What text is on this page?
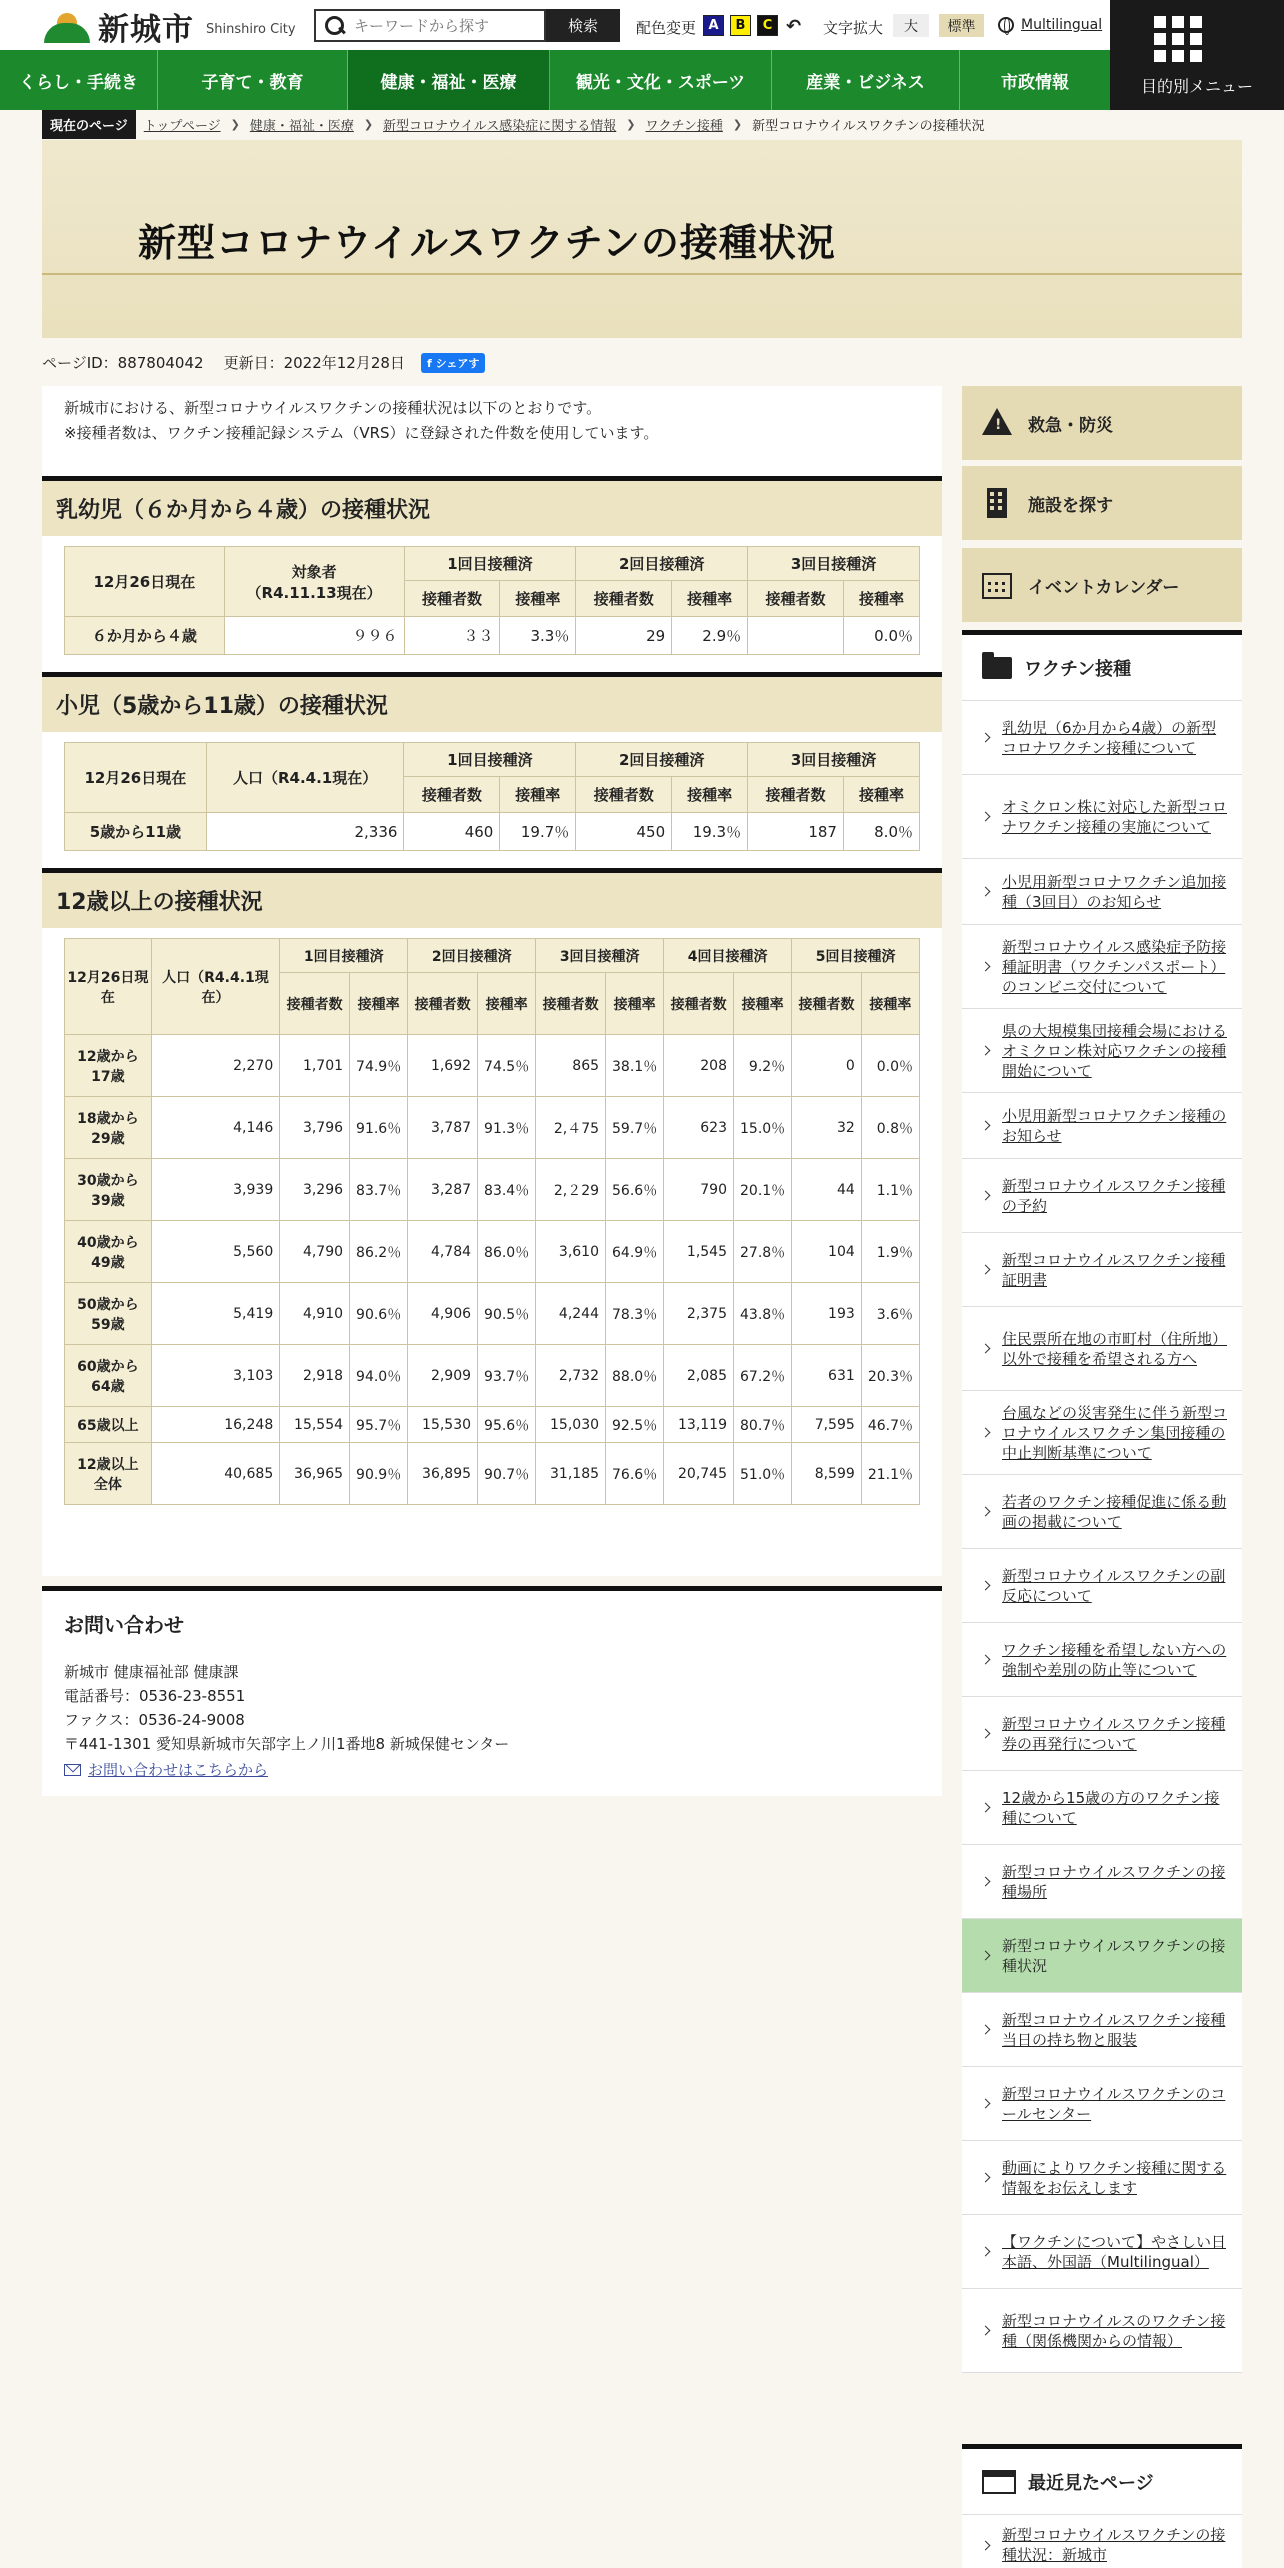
新城市 Shinshiro City
キーワードから探す	検索	配色変更 A	B	C ↶ 文字拡大	大	標準	Multilingual
目的別メニュー
くらし・手続き	子育て・教育	健康・福祉・医療	観光・文化・スポーツ	産業・ビジネス	市政情報
現在のページ	トップページ ❯ 健康・福祉・医療 ❯ 新型コロナウイルス感染症に関する情報 ❯ ワクチン接種 ❯ 新型コロナウイルスワクチンの接種状況
新型コロナウイルスワクチンの接種状況
ページID：887804042 更新日：2022年12月28日	f シェアす
新城市における、新型コロナウイルスワクチンの接種状況は以下のとおりです。
※接種者数は、ワクチン接種記録システム（VRS）に登録された件数を使用しています。
乳幼児（６か月から４歳）の接種状況
12月26日現在	対象者
（R4.11.13現在）	1回目接種済		2回目接種済		3回目接種済	
		接種者数	接種率	接種者数	接種率	接種者数	接種率
６か月から４歳	９９６	３３	3.3％	29	2.9％		0.0％
小児（5歳から11歳）の接種状況
12月26日現在	人口（R4.4.1現在）	1回目接種済		2回目接種済		3回目接種済	
		接種者数	接種率	接種者数	接種率	接種者数	接種率
5歳から11歳	2,336	460	19.7％	450	19.3％	187	8.0％
12歳以上の接種状況
12月26日現在	人口（R4.4.1現在）	1回目接種済		2回目接種済		3回目接種済		4回目接種済		5回目接種済	
		接種者数	接種率	接種者数	接種率	接種者数	接種率	接種者数	接種率	接種者数	接種率
12歳から17歳	2,270	1,701	74.9％	1,692	74.5％	865	38.1％	208	9.2％	0	0.0％
18歳から29歳	4,146	3,796	91.6％	3,787	91.3％	2,４75	59.7％	623	15.0％	32	0.8％
30歳から39歳	3,939	3,296	83.7％	3,287	83.4％	2,２29	56.6％	790	20.1％	44	1.1％
40歳から49歳	5,560	4,790	86.2％	4,784	86.0％	3,610	64.9％	1,545	27.8％	104	1.9％
50歳から59歳	5,419	4,910	90.6％	4,906	90.5％	4,244	78.3％	2,375	43.8％	193	3.6％
60歳から64歳	3,103	2,918	94.0％	2,909	93.7％	2,732	88.0％	2,085	67.2％	631	20.3％
65歳以上	16,248	15,554	95.7％	15,530	95.6％	15,030	92.5％	13,119	80.7％	7,595	46.7％
12歳以上全体	40,685	36,965	90.9％	36,895	90.7％	31,185	76.6％	20,745	51.0％	8,599	21.1％
お問い合わせ
新城市 健康福祉部 健康課
電話番号：0536-23-8551
ファクス：0536-24-9008
〒441-1301 愛知県新城市矢部字上ノ川1番地8 新城保健センター
お問い合わせはこちらから
! 救急・防災
施設を探す
イベントカレンダー
ワクチン接種
乳幼児（6か月から4歳）の新型コロナワクチン接種について
オミクロン株に対応した新型コロナワクチン接種の実施について
小児用新型コロナワクチン追加接種（3回目）のお知らせ
新型コロナウイルス感染症予防接種証明書（ワクチンパスポート）のコンビニ交付について
県の大規模集団接種会場におけるオミクロン株対応ワクチンの接種開始について
小児用新型コロナワクチン接種のお知らせ
新型コロナウイルスワクチン接種の予約
新型コロナウイルスワクチン接種証明書
住民票所在地の市町村（住所地）以外で接種を希望される方へ
台風などの災害発生に伴う新型コロナウイルスワクチン集団接種の中止判断基準について
若者のワクチン接種促進に係る動画の掲載について
新型コロナウイルスワクチンの副反応について
ワクチン接種を希望しない方への強制や差別の防止等について
新型コロナウイルスワクチン接種券の再発行について
12歳から15歳の方のワクチン接種について
新型コロナウイルスワクチンの接種場所
新型コロナウイルスワクチンの接種状況
新型コロナウイルスワクチン接種当日の持ち物と服装
新型コロナウイルスワクチンのコールセンター
動画によりワクチン接種に関する情報をお伝えします
【ワクチンについて】やさしい日本語、外国語（Multilingual）
新型コロナウイルスのワクチン接種（関係機関からの情報）
最近見たページ
新型コロナウイルスワクチンの接種状況：新城市
